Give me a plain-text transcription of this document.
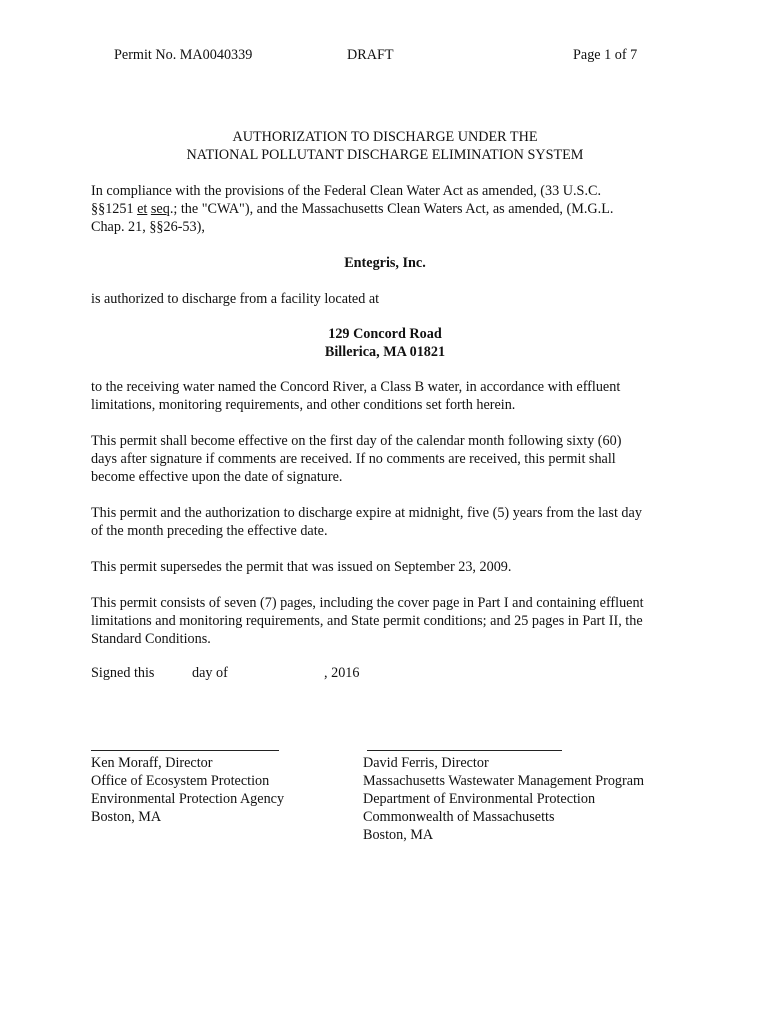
Permit No. MA0040339	DRAFT	Page 1 of 7
AUTHORIZATION TO DISCHARGE UNDER THE
NATIONAL POLLUTANT DISCHARGE ELIMINATION SYSTEM
In compliance with the provisions of the Federal Clean Water Act as amended, (33 U.S.C.
§§1251 et seq.; the "CWA"), and the Massachusetts Clean Waters Act, as amended, (M.G.L.
Chap. 21, §§26-53),
Entegris, Inc.
is authorized to discharge from a facility located at
129 Concord Road
Billerica, MA 01821
to the receiving water named the Concord River, a Class B water, in accordance with effluent
limitations, monitoring requirements, and other conditions set forth herein.
This permit shall become effective on the first day of the calendar month following sixty (60)
days after signature if comments are received. If no comments are received, this permit shall
become effective upon the date of signature.
This permit and the authorization to discharge expire at midnight, five (5) years from the last day
of the month preceding the effective date.
This permit supersedes the permit that was issued on September 23, 2009.
This permit consists of seven (7) pages, including the cover page in Part I and containing effluent
limitations and monitoring requirements, and State permit conditions; and 25 pages in Part II, the
Standard Conditions.
Signed this	day of	, 2016
Ken Moraff, Director
Office of Ecosystem Protection
Environmental Protection Agency
Boston, MA
David Ferris, Director
Massachusetts Wastewater Management Program
Department of Environmental Protection
Commonwealth of Massachusetts
Boston, MA
